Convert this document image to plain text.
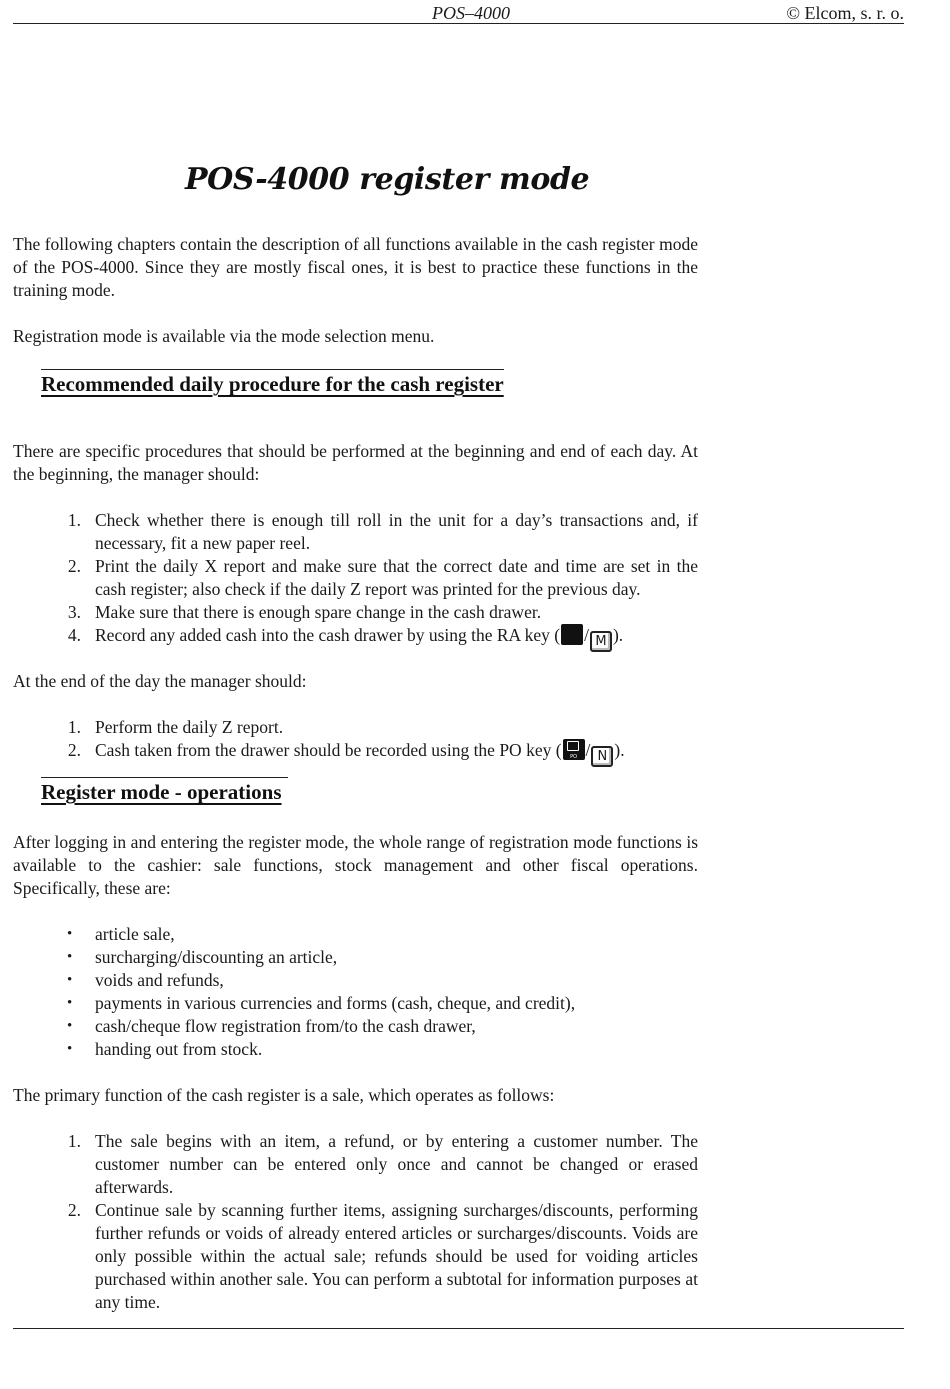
POS–4000	© Elcom, s. r. o.
POS-4000 register mode

The following chapters contain the description of all functions available in the cash register mode of the POS-4000. Since they are mostly fiscal ones, it is best to practice these functions in the training mode.

Registration mode is available via the mode selection menu.

Recommended daily procedure for the cash register

There are specific procedures that should be performed at the beginning and end of each day. At the beginning, the manager should:

1. Check whether there is enough till roll in the unit for a day’s transactions and, if necessary, fit a new paper reel.
2. Print the daily X report and make sure that the correct date and time are set in the cash register; also check if the daily Z report was printed for the previous day.
3. Make sure that there is enough spare change in the cash drawer.
4. Record any added cash into the cash drawer by using the RA key ( / M ).

At the end of the day the manager should:

1. Perform the daily Z report.
2. Cash taken from the drawer should be recorded using the PO key (	PO / N ).
Register mode - operations

After logging in and entering the register mode, the whole range of registration mode functions is available to the cashier: sale functions, stock management and other fiscal operations. Specifically, these are:

•	article sale,
•	surcharging/discounting an article,
•	voids and refunds,
•	payments in various currencies and forms (cash, cheque, and credit),
•	cash/cheque flow registration from/to the cash drawer,
•	handing out from stock.

The primary function of the cash register is a sale, which operates as follows:

1. The sale begins with an item, a refund, or by entering a customer number. The customer number can be entered only once and cannot be changed or erased afterwards.
2. Continue sale by scanning further items, assigning surcharges/discounts, performing further refunds or voids of already entered articles or surcharges/discounts. Voids are only possible within the actual sale; refunds should be used for voiding articles purchased within another sale. You can perform a subtotal for information purposes at any time.
